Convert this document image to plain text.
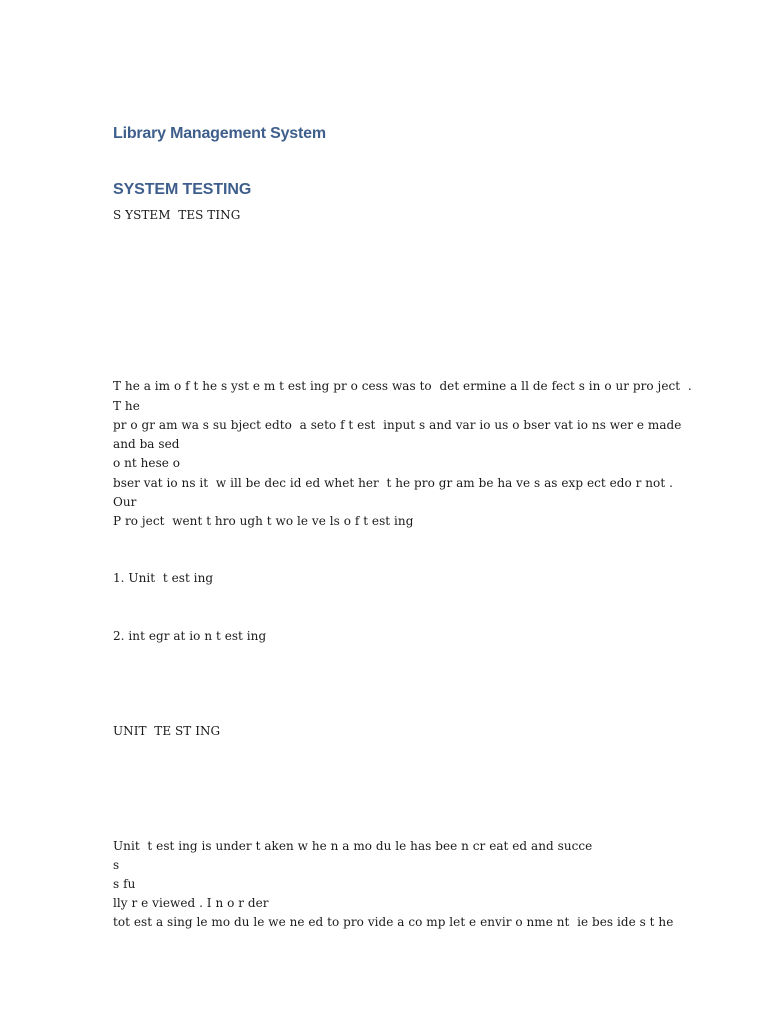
Library Management System
SYSTEM TESTING
S YSTEM  TES TING
T he a im o f t he s yst e m t est ing pr o cess was to  det ermine a ll de fect s in o ur pro ject  .
T he
pr o gr am wa s su bject edto  a seto f t est  input s and var io us o bser vat io ns wer e made
and ba sed
o nt hese o
bser vat io ns it  w ill be dec id ed whet her  t he pro gr am be ha ve s as exp ect edo r not .
Our
P ro ject  went t hro ugh t wo le ve ls o f t est ing
1. Unit  t est ing
2. int egr at io n t est ing
UNIT  TE ST ING
Unit  t est ing is under t aken w he n a mo du le has bee n cr eat ed and succe
s
s fu
lly r e viewed . I n o r der
tot est a sing le mo du le we ne ed to pro vide a co mp let e envir o nme nt  ie bes ide s t he
